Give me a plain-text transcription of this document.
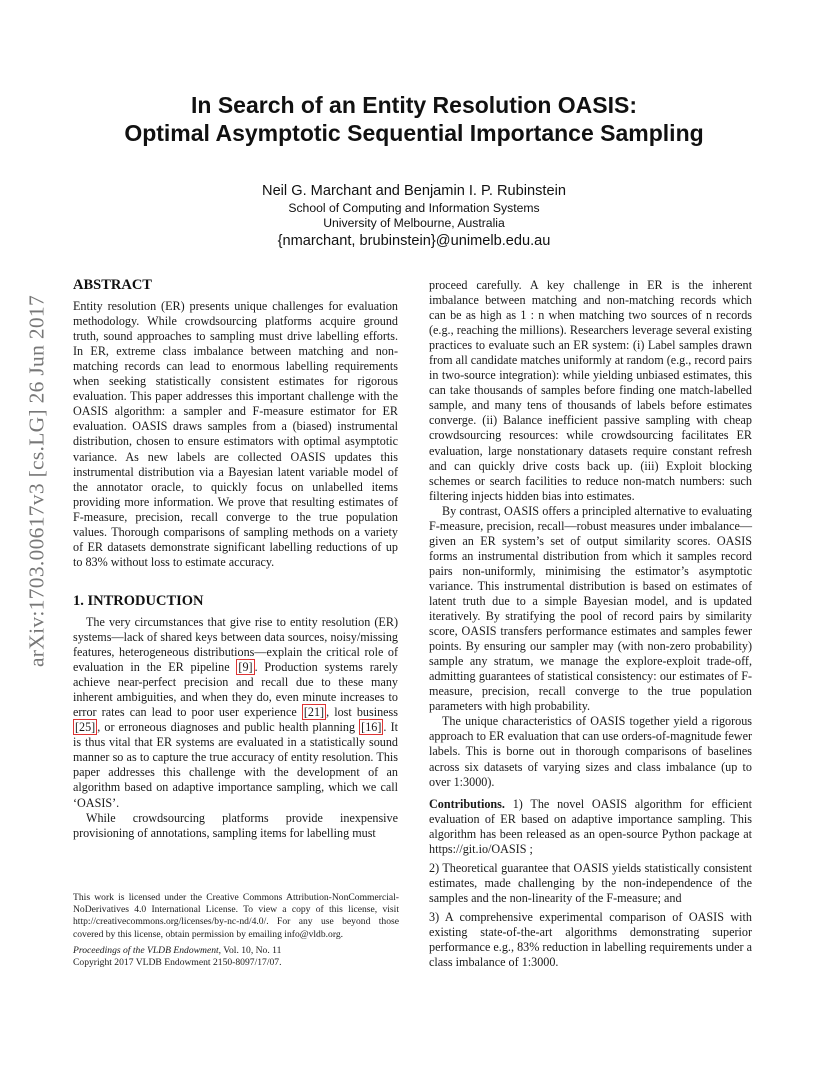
arXiv:1703.00617v3 [cs.LG] 26 Jun 2017
In Search of an Entity Resolution OASIS:
Optimal Asymptotic Sequential Importance Sampling
Neil G. Marchant and Benjamin I. P. Rubinstein
School of Computing and Information Systems
University of Melbourne, Australia
{nmarchant, brubinstein}@unimelb.edu.au
ABSTRACT

Entity resolution (ER) presents unique challenges for evaluation methodology. While crowdsourcing platforms acquire ground truth, sound approaches to sampling must drive labelling efforts. In ER, extreme class imbalance between matching and non-matching records can lead to enormous labelling requirements when seeking statistically consistent estimates for rigorous evaluation. This paper addresses this important challenge with the OASIS algorithm: a sampler and F-measure estimator for ER evaluation. OASIS draws samples from a (biased) instrumental distribution, chosen to ensure estimators with optimal asymptotic variance. As new labels are collected OASIS updates this instrumental distribution via a Bayesian latent variable model of the annotator oracle, to quickly focus on unlabelled items providing more information. We prove that resulting estimates of F-measure, precision, recall converge to the true population values. Thorough comparisons of sampling methods on a variety of ER datasets demonstrate significant labelling reductions of up to 83% without loss to estimate accuracy.

1. INTRODUCTION

The very circumstances that give rise to entity resolution (ER) systems—lack of shared keys between data sources, noisy/missing features, heterogeneous distributions—explain the critical role of evaluation in the ER pipeline [9] . Production systems rarely achieve near-perfect precision and recall due to these many inherent ambiguities, and when they do, even minute increases to error rates can lead to poor user experience [21] , lost business [25] , or erroneous diagnoses and public health planning [16] . It is thus vital that ER systems are evaluated in a statistically sound manner so as to capture the true accuracy of entity resolution. This paper addresses this challenge with the development of an algorithm based on adaptive importance sampling, which we call ‘OASIS’.

While crowdsourcing platforms provide inexpensive provisioning of annotations, sampling items for labelling must

This work is licensed under the Creative Commons Attribution-NonCommercial-NoDerivatives 4.0 International License. To view a copy of this license, visit http://creativecommons.org/licenses/by-nc-nd/4.0/. For any use beyond those covered by this license, obtain permission by emailing info@vldb.org.

Proceedings of the VLDB Endowment, Vol. 10, No. 11

Copyright 2017 VLDB Endowment 2150-8097/17/07.

proceed carefully. A key challenge in ER is the inherent imbalance between matching and non-matching records which can be as high as 1 : n when matching two sources of n records (e.g., reaching the millions). Researchers leverage several existing practices to evaluate such an ER system: (i) Label samples drawn from all candidate matches uniformly at random (e.g., record pairs in two-source integration): while yielding unbiased estimates, this can take thousands of samples before finding one match-labelled sample, and many tens of thousands of labels before estimates converge. (ii) Balance inefficient passive sampling with cheap crowdsourcing resources: while crowdsourcing facilitates ER evaluation, large nonstationary datasets require constant refresh and can quickly drive costs back up. (iii) Exploit blocking schemes or search facilities to reduce non-match numbers: such filtering injects hidden bias into estimates.

By contrast, OASIS offers a principled alternative to evaluating F-measure, precision, recall—robust measures under imbalance—given an ER system’s set of output similarity scores. OASIS forms an instrumental distribution from which it samples record pairs non-uniformly, minimising the estimator’s asymptotic variance. This instrumental distribution is based on estimates of latent truth due to a simple Bayesian model, and is updated iteratively. By stratifying the pool of record pairs by similarity score, OASIS transfers performance estimates and samples fewer points. By ensuring our sampler may (with non-zero probability) sample any stratum, we manage the explore-exploit trade-off, admitting guarantees of statistical consistency: our estimates of F-measure, precision, recall converge to the true population parameters with high probability.

The unique characteristics of OASIS together yield a rigorous approach to ER evaluation that can use orders-of-magnitude fewer labels. This is borne out in thorough comparisons of baselines across six datasets of varying sizes and class imbalance (up to over 1:3000).

Contributions. 1) The novel OASIS algorithm for efficient evaluation of ER based on adaptive importance sampling. This algorithm has been released as an open-source Python package at https://git.io/OASIS ;

2) Theoretical guarantee that OASIS yields statistically consistent estimates, made challenging by the non-independence of the samples and the non-linearity of the F-measure; and

3) A comprehensive experimental comparison of OASIS with existing state-of-the-art algorithms demonstrating superior performance e.g., 83% reduction in labelling requirements under a class imbalance of 1:3000.
